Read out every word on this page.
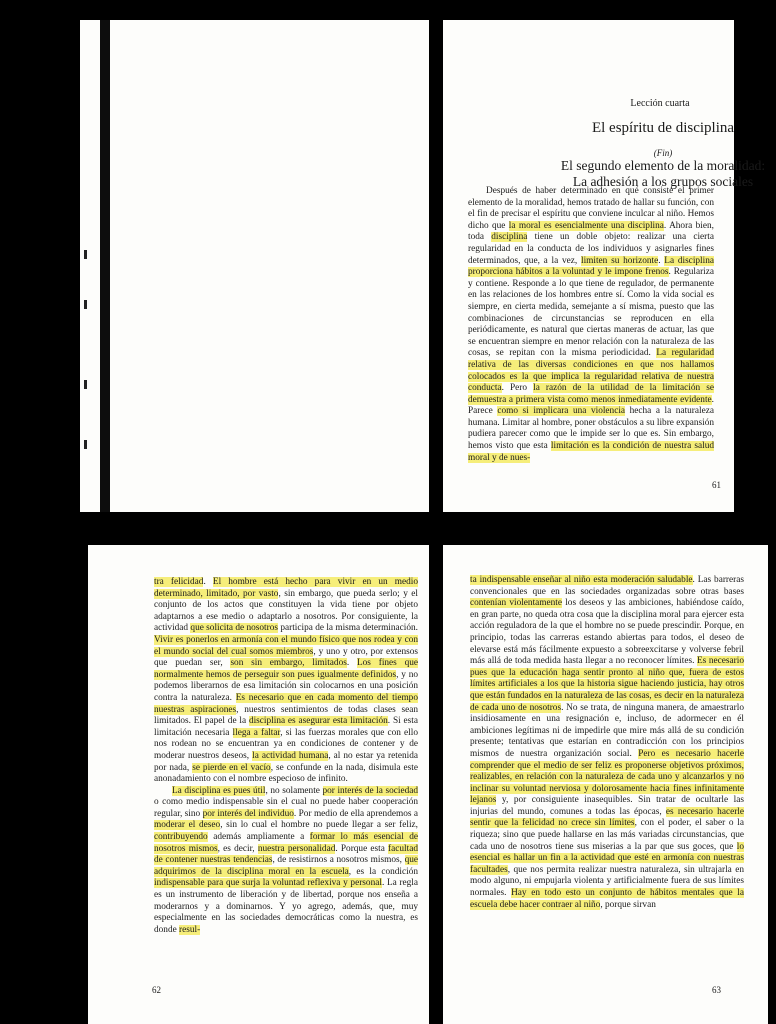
Lección cuarta
El espíritu de disciplina
(Fin)
El segundo elemento de la moralidad:
La adhesión a los grupos sociales

Después de haber determinado en qué consiste el primer elemento de la moralidad, hemos tratado de hallar su función, con el fin de precisar el espíritu que conviene inculcar al niño. Hemos dicho que la moral es esencialmente una disciplina. Ahora bien, toda disciplina tiene un doble objeto: realizar una cierta regularidad en la conducta de los individuos y asignarles fines determinados, que, a la vez, limiten su horizonte. La disciplina proporciona hábitos a la voluntad y le impone frenos. Regulariza y contiene. Responde a lo que tiene de regulador, de permanente en las relaciones de los hombres entre sí. Como la vida social es siempre, en cierta medida, semejante a sí misma, puesto que las combinaciones de circunstancias se reproducen en ella periódicamente, es natural que ciertas maneras de actuar, las que se encuentran siempre en menor relación con la naturaleza de las cosas, se repitan con la misma periodicidad. La regularidad relativa de las diversas condiciones en que nos hallamos colocados es la que implica la regularidad relativa de nuestra conducta. Pero la razón de la utilidad de la limitación se demuestra a primera vista como menos inmediatamente evidente. Parece como si implicara una violencia hecha a la naturaleza humana. Limitar al hombre, poner obstáculos a su libre expansión pudiera parecer como que le impide ser lo que es. Sin embargo, hemos visto que esta limitación es la condición de nuestra salud moral y de nues-

61

tra felicidad. El hombre está hecho para vivir en un medio determinado, limitado, por vasto, sin embargo, que pueda serlo; y el conjunto de los actos que constituyen la vida tiene por objeto adaptarnos a ese medio o adaptarlo a nosotros. Por consiguiente, la actividad que solicita de nosotros participa de la misma determinación. Vivir es ponerlos en armonía con el mundo físico que nos rodea y con el mundo social del cual somos miembros, y uno y otro, por extensos que puedan ser, son sin embargo, limitados. Los fines que normalmente hemos de perseguir son pues igualmente definidos, y no podemos liberarnos de esa limitación sin colocarnos en una posición contra la naturaleza. Es necesario que en cada momento del tiempo nuestras aspiraciones, nuestros sentimientos de todas clases sean limitados. El papel de la disciplina es asegurar esta limitación. Si esta limitación necesaria llega a faltar, si las fuerzas morales que con ello nos rodean no se encuentran ya en condiciones de contener y de moderar nuestros deseos, la actividad humana, al no estar ya retenida por nada, se pierde en el vacío, se confunde en la nada, disimula este anonadamiento con el nombre especioso de infinito.

La disciplina es pues útil, no solamente por interés de la sociedad o como medio indispensable sin el cual no puede haber cooperación regular, sino por interés del individuo. Por medio de ella aprendemos a moderar el deseo, sin lo cual el hombre no puede llegar a ser feliz, contribuyendo además ampliamente a formar lo más esencial de nosotros mismos, es decir, nuestra personalidad. Porque esta facultad de contener nuestras tendencias, de resistirnos a nosotros mismos, que adquirimos de la disciplina moral en la escuela, es la condición indispensable para que surja la voluntad reflexiva y personal. La regla es un instrumento de liberación y de libertad, porque nos enseña a moderarnos y a dominarnos. Y yo agrego, además, que, muy especialmente en las sociedades democráticas como la nuestra, es donde resul-

62

ta indispensable enseñar al niño esta moderación saludable. Las barreras convencionales que en las sociedades organizadas sobre otras bases contenían violentamente los deseos y las ambiciones, habiéndose caído, en gran parte, no queda otra cosa que la disciplina moral para ejercer esta acción reguladora de la que el hombre no se puede prescindir. Porque, en principio, todas las carreras estando abiertas para todos, el deseo de elevarse está más fácilmente expuesto a sobreexcitarse y volverse febril más allá de toda medida hasta llegar a no reconocer límites. Es necesario pues que la educación haga sentir pronto al niño que, fuera de estos límites artificiales a los que la historia sigue haciendo justicia, hay otros que están fundados en la naturaleza de las cosas, es decir en la naturaleza de cada uno de nosotros. No se trata, de ninguna manera, de amaestrarlo insidiosamente en una resignación e, incluso, de adormecer en él ambiciones legítimas ni de impedirle que mire más allá de su condición presente; tentativas que estarían en contradicción con los principios mismos de nuestra organización social. Pero es necesario hacerle comprender que el medio de ser feliz es proponerse objetivos próximos, realizables, en relación con la naturaleza de cada uno y alcanzarlos y no inclinar su voluntad nerviosa y dolorosamente hacia fines infinitamente lejanos y, por consiguiente inasequibles. Sin tratar de ocultarle las injurias del mundo, comunes a todas las épocas, es necesario hacerle sentir que la felicidad no crece sin límites, con el poder, el saber o la riqueza; sino que puede hallarse en las más variadas circunstancias, que cada uno de nosotros tiene sus miserias a la par que sus goces, que lo esencial es hallar un fin a la actividad que esté en armonía con nuestras facultades, que nos permita realizar nuestra naturaleza, sin ultrajarla en modo alguno, ni empujarla violenta y artificialmente fuera de sus límites normales. Hay en todo esto un conjunto de hábitos mentales que la escuela debe hacer contraer al niño, porque sirvan

63
